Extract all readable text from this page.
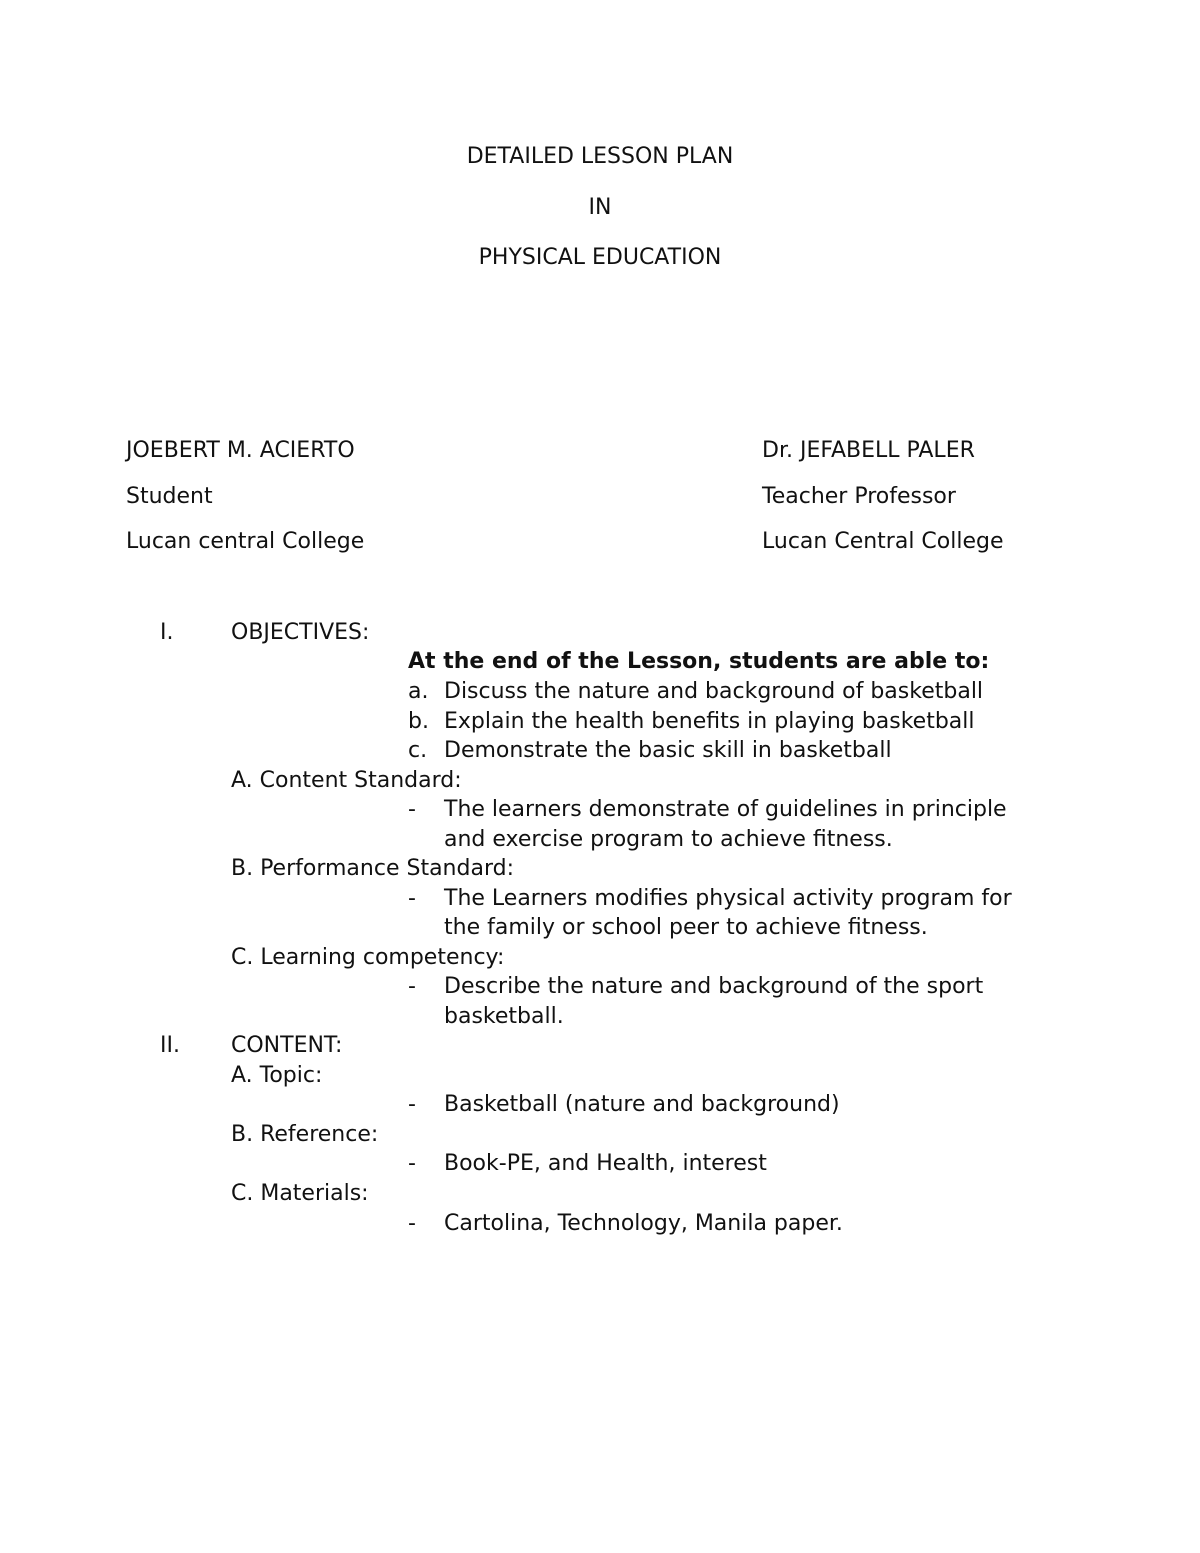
DETAILED LESSON PLAN
IN
PHYSICAL EDUCATION
JOEBERT M. ACIERTO
Student
Lucan central College
Dr. JEFABELL PALER
Teacher Professor
Lucan Central College
I.	OBJECTIVES:
At the end of the Lesson, students are able to:
a. Discuss the nature and background of basketball
b. Explain the health benefits in playing basketball
c. Demonstrate the basic skill in basketball
A. Content Standard:
- The learners demonstrate of guidelines in principle
and exercise program to achieve fitness.
B. Performance Standard:
- The Learners modifies physical activity program for
the family or school peer to achieve fitness.
C. Learning competency:
- Describe the nature and background of the sport
basketball.
II. CONTENT:
A. Topic:
- Basketball (nature and background)
B. Reference:
- Book-PE, and Health, interest
C. Materials:
- Cartolina, Technology, Manila paper.
